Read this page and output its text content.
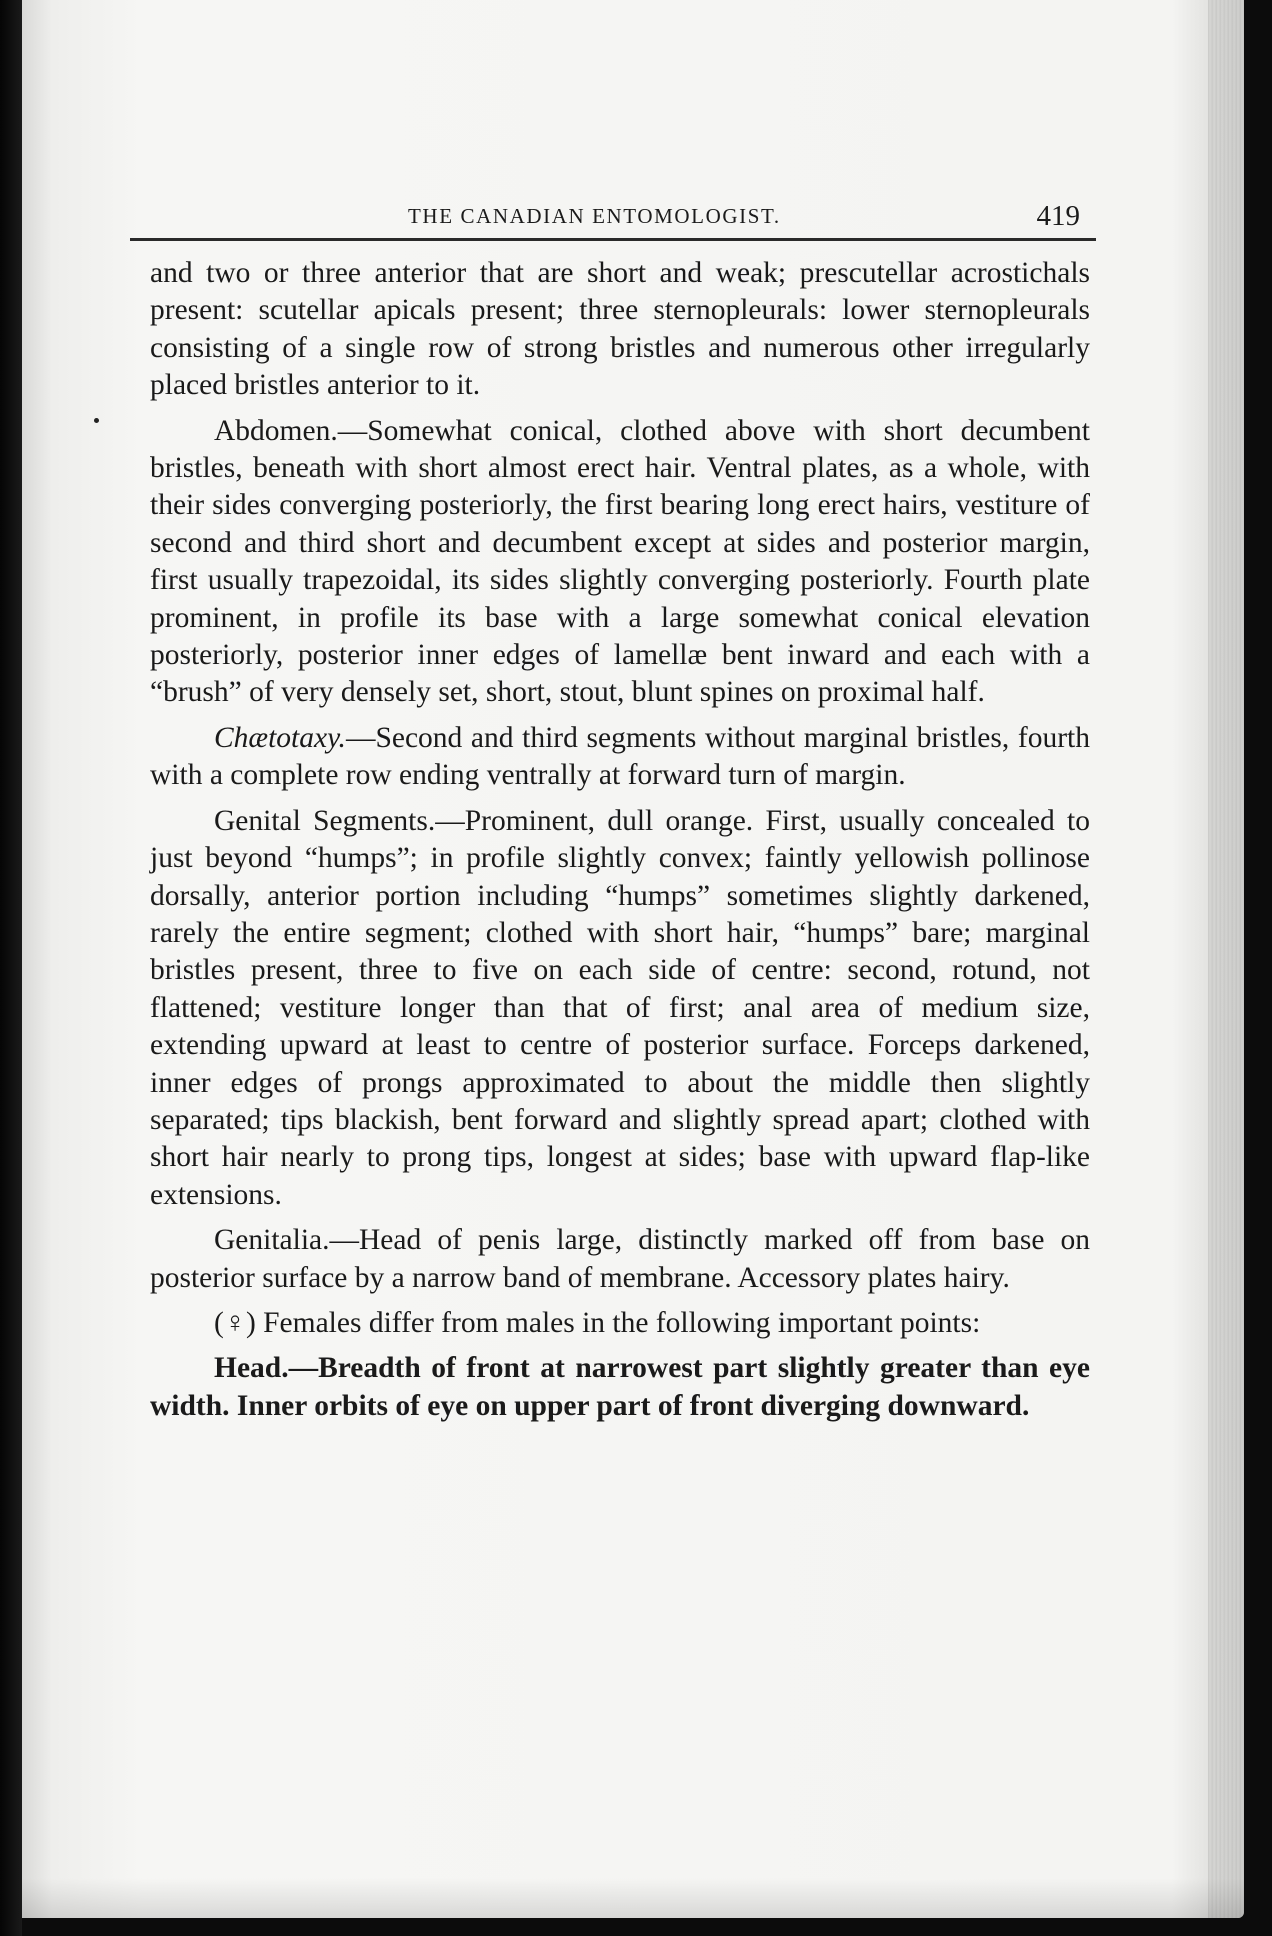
THE CANADIAN ENTOMOLOGIST.	419

and two or three anterior that are short and weak; prescutellar acrostichals present: scutellar apicals present; three sternopleurals: lower sternopleurals consisting of a single row of strong bristles and numerous other irregularly placed bristles anterior to it.

Abdomen.—Somewhat conical, clothed above with short decumbent bristles, beneath with short almost erect hair. Ventral plates, as a whole, with their sides converging posteriorly, the first bearing long erect hairs, vestiture of second and third short and decumbent except at sides and posterior margin, first usually trapezoidal, its sides slightly converging posteriorly. Fourth plate prominent, in profile its base with a large somewhat conical elevation posteriorly, posterior inner edges of lamellæ bent inward and each with a “brush” of very densely set, short, stout, blunt spines on proximal half.

Chætotaxy.—Second and third segments without marginal bristles, fourth with a complete row ending ventrally at forward turn of margin.

Genital Segments.—Prominent, dull orange. First, usually concealed to just beyond “humps”; in profile slightly convex; faintly yellowish pollinose dorsally, anterior portion including “humps” sometimes slightly darkened, rarely the entire segment; clothed with short hair, “humps” bare; marginal bristles present, three to five on each side of centre: second, rotund, not flattened; vestiture longer than that of first; anal area of medium size, extending upward at least to centre of posterior surface. Forceps darkened, inner edges of prongs approximated to about the middle then slightly separated; tips blackish, bent forward and slightly spread apart; clothed with short hair nearly to prong tips, longest at sides; base with upward flap-like extensions.

Genitalia.—Head of penis large, distinctly marked off from base on posterior surface by a narrow band of membrane. Accessory plates hairy.

(♀) Females differ from males in the following important points:

Head.—Breadth of front at narrowest part slightly greater than eye width. Inner orbits of eye on upper part of front diverging downward.
